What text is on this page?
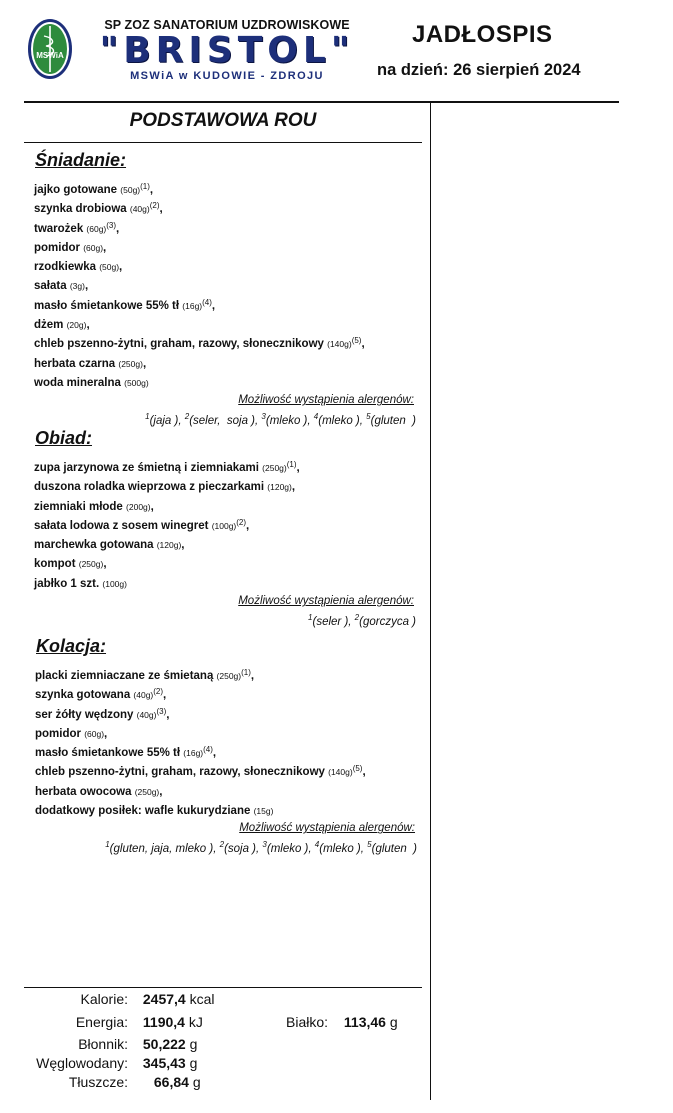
MSWiA
SP ZOZ SANATORIUM UZDROWISKOWE
"BRISTOL"
MSWiA w KUDOWIE - ZDROJU
JADŁOSPIS
na dzień: 26 sierpień 2024
PODSTAWOWA ROU
Śniadanie:
jajko gotowane $(50g)^{(1)}$,
szynka drobiowa $(40g)^{(2)}$,
twarożek $(60g)^{(3)}$,
pomidor (60g),
rzodkiewka (50g),
sałata (3g),
masło śmietankowe 55% tł $(16g)^{(4)}$,
dżem (20g),
chleb pszenno-żytni, graham, razowy, słonecznikowy $(140g)^{(5)}$,
herbata czarna (250g),
woda mineralna (500g)
Możliwość wystąpienia alergenów:
$^1$(jaja ), $^2$(seler,  soja ), $^3$(mleko ), $^4$(mleko ), $^5$(gluten  )
Obiad:
zupa jarzynowa ze śmietną i ziemniakami $(250g)^{(1)}$,
duszona roladka wieprzowa z pieczarkami (120g),
ziemniaki młode (200g),
sałata lodowa z sosem winegret $(100g)^{(2)}$,
marchewka gotowana (120g),
kompot (250g),
jabłko 1 szt. (100g)
Możliwość wystąpienia alergenów:
$^1$(seler ), $^2$(gorczyca )
Kolacja:
placki ziemniaczane ze śmietaną $(250g)^{(1)}$,
szynka gotowana $(40g)^{(2)}$,
ser żółty wędzony $(40g)^{(3)}$,
pomidor (60g),
masło śmietankowe 55% tł $(16g)^{(4)}$,
chleb pszenno-żytni, graham, razowy, słonecznikowy $(140g)^{(5)}$,
herbata owocowa (250g),
dodatkowy posiłek: wafle kukurydziane (15g)
Możliwość wystąpienia alergenów:
$^1$(gluten, jaja, mleko ), $^2$(soja ), $^3$(mleko ), $^4$(mleko ), $^5$(gluten  )
Kalorie: 2457,4 kcal
Energia: 1190,4 kJ	Białko: 113,46 g
Błonnik: 50,222 g
Węglowodany: 345,43 g
Tłuszcze: 66,84 g
